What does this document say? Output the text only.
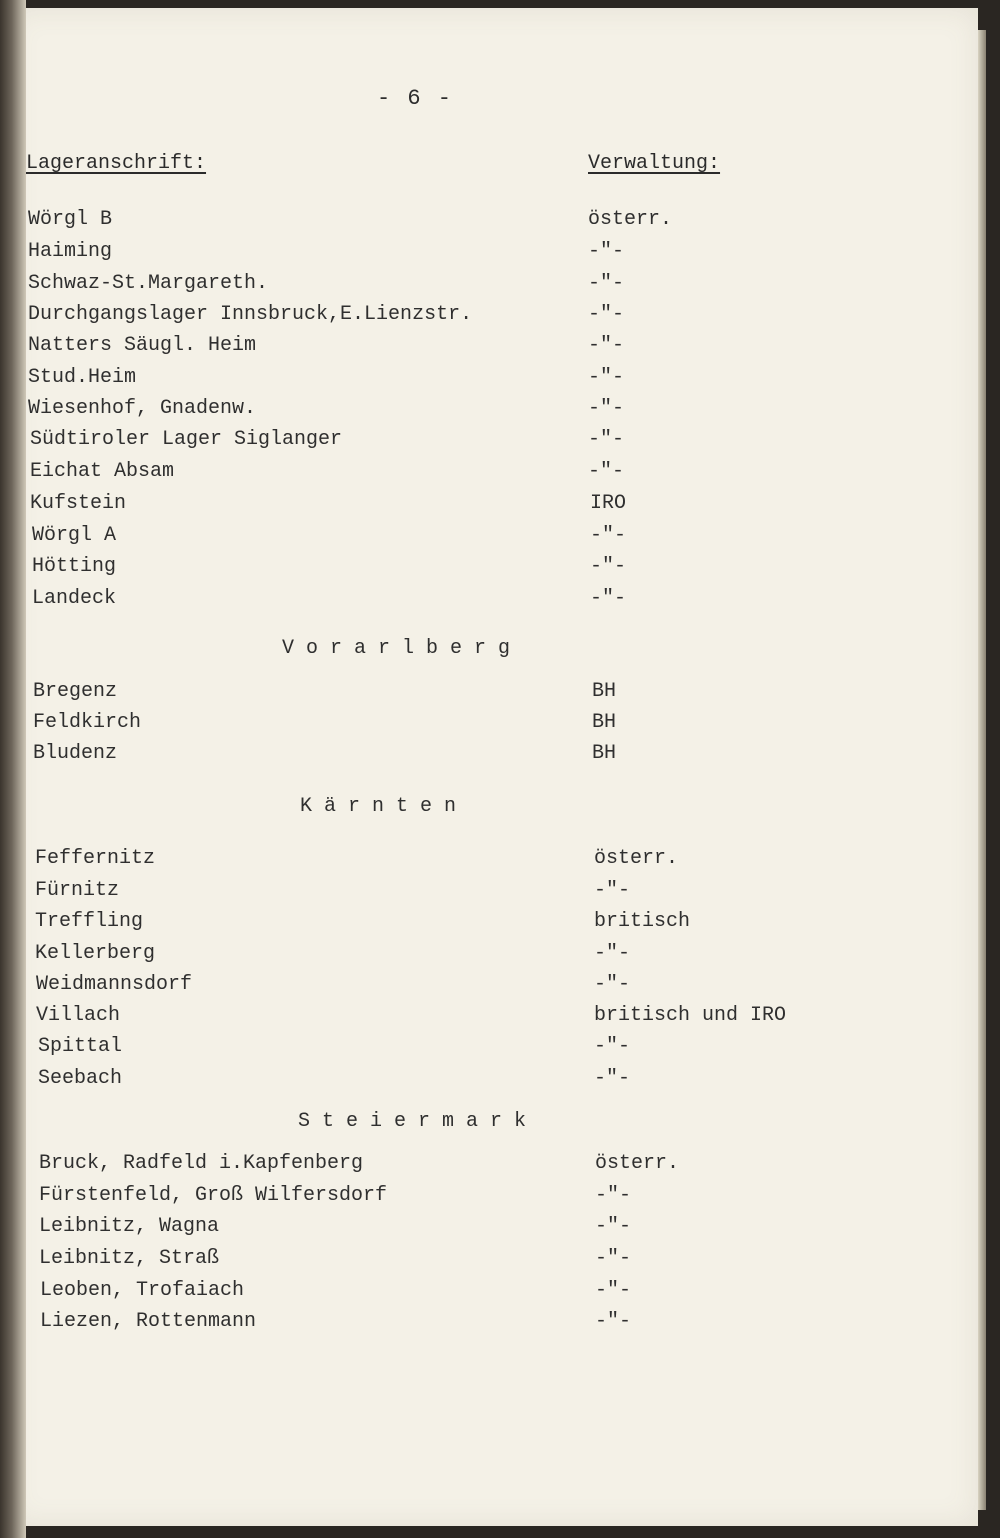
- 6 -
Lageranschrift:	Verwaltung:
Wörgl B	österr.
Haiming	-"-
Schwaz-St.Margareth.	-"-
Durchgangslager Innsbruck,E.Lienzstr.	-"-
Natters Säugl. Heim	-"-
Stud.Heim	-"-
Wiesenhof, Gnadenw.	-"-
Südtiroler Lager Siglanger	-"-
Eichat Absam	-"-
Kufstein	IRO
Wörgl A	-"-
Hötting	-"-
Landeck	-"-
V o r a r l b e r g
Bregenz	BH
Feldkirch	BH
Bludenz	BH
K ä r n t e n
Feffernitz	österr.
Fürnitz	-"-
Treffling	britisch
Kellerberg	-"-
Weidmannsdorf	-"-
Villach	britisch und IRO
Spittal	-"-
Seebach	-"-
S t e i e r m a r k
Bruck, Radfeld i.Kapfenberg	österr.
Fürstenfeld, Groß Wilfersdorf	-"-
Leibnitz, Wagna	-"-
Leibnitz, Straß	-"-
Leoben, Trofaiach	-"-
Liezen, Rottenmann	-"-
